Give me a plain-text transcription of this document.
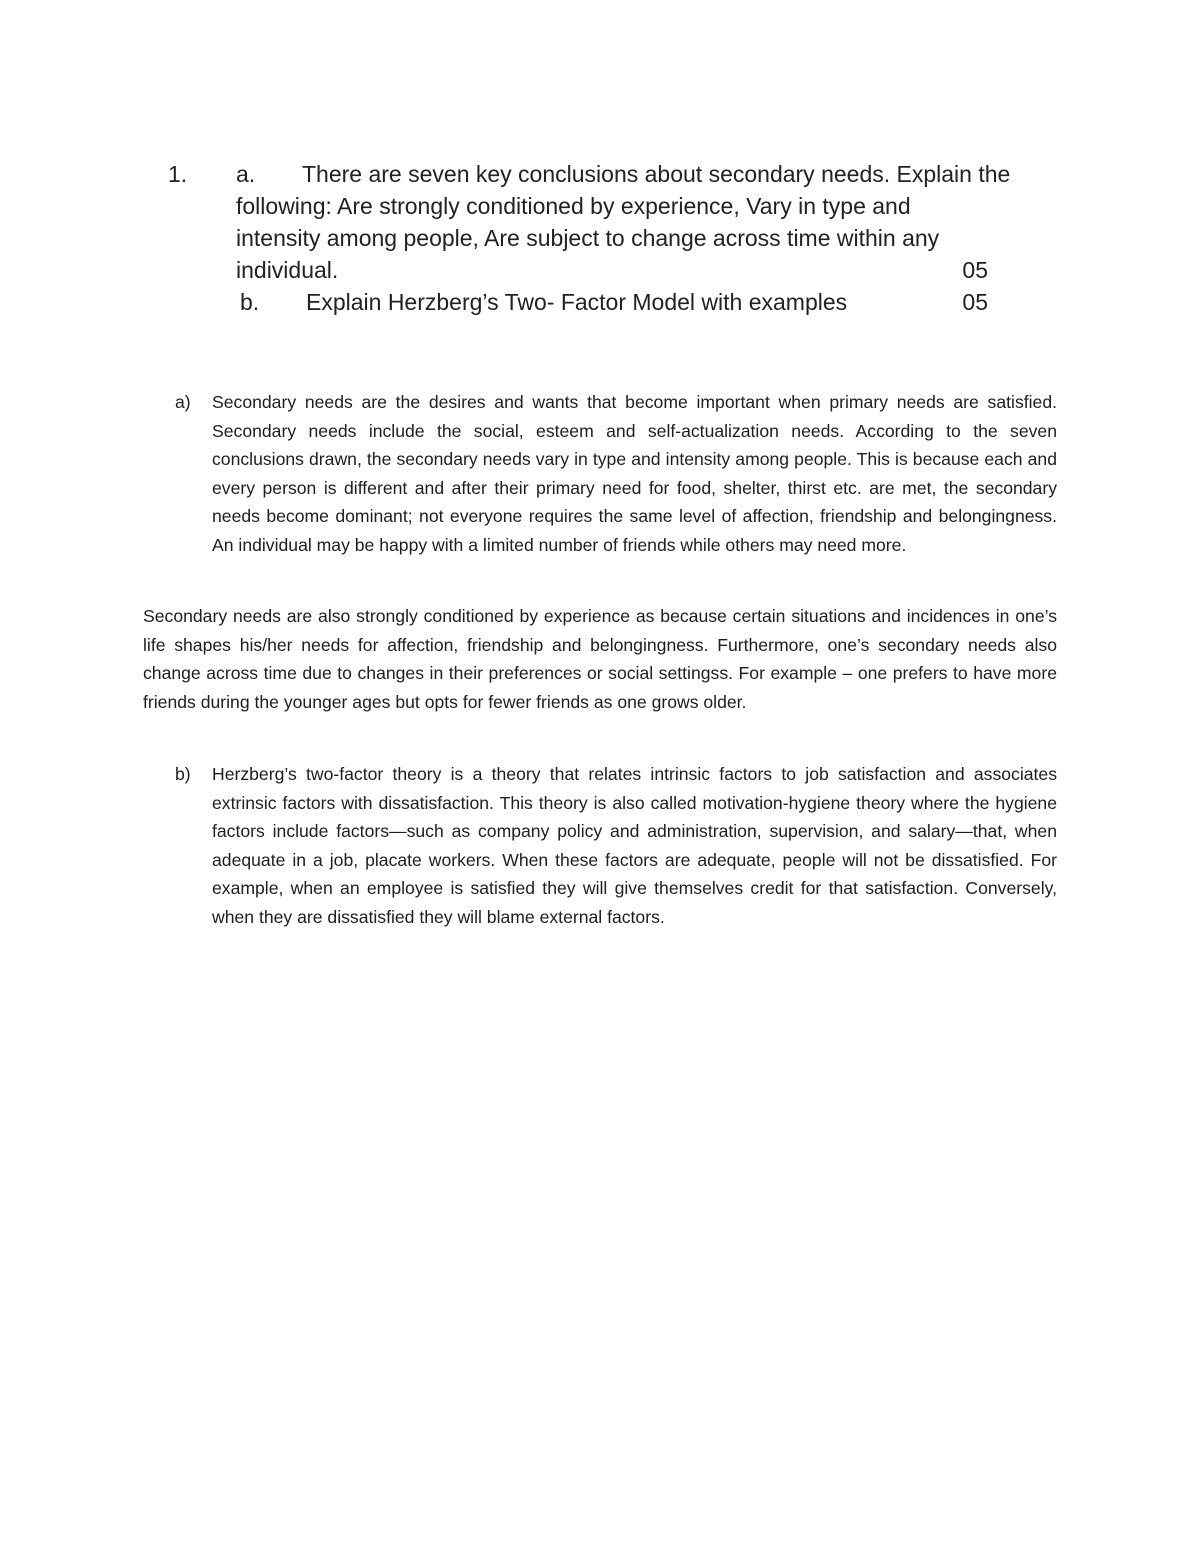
1. a. There are seven key conclusions about secondary needs. Explain the
following: Are strongly conditioned by experience, Vary in type and
intensity among people, Are subject to change across time within any
individual.	05
b. Explain Herzberg’s Two- Factor Model with examples	05
a) Secondary needs are the desires and wants that become important when primary needs are satisfied. Secondary needs include the social, esteem and self-actualization needs. According to the seven conclusions drawn, the secondary needs vary in type and intensity among people. This is because each and every person is different and after their primary need for food, shelter, thirst etc. are met, the secondary needs become dominant; not everyone requires the same level of affection, friendship and belongingness. An individual may be happy with a limited number of friends while others may need more.
Secondary needs are also strongly conditioned by experience as because certain situations and incidences in one’s life shapes his/her needs for affection, friendship and belongingness. Furthermore, one’s secondary needs also change across time due to changes in their preferences or social settingss. For example – one prefers to have more friends during the younger ages but opts for fewer friends as one grows older.
b) Herzberg’s two-factor theory is a theory that relates intrinsic factors to job satisfaction and associates extrinsic factors with dissatisfaction. This theory is also called motivation-hygiene theory where the hygiene factors include factors—such as company policy and administration, supervision, and salary—that, when adequate in a job, placate workers. When these factors are adequate, people will not be dissatisfied. For example, when an employee is satisfied they will give themselves credit for that satisfaction. Conversely, when they are dissatisfied they will blame external factors.
